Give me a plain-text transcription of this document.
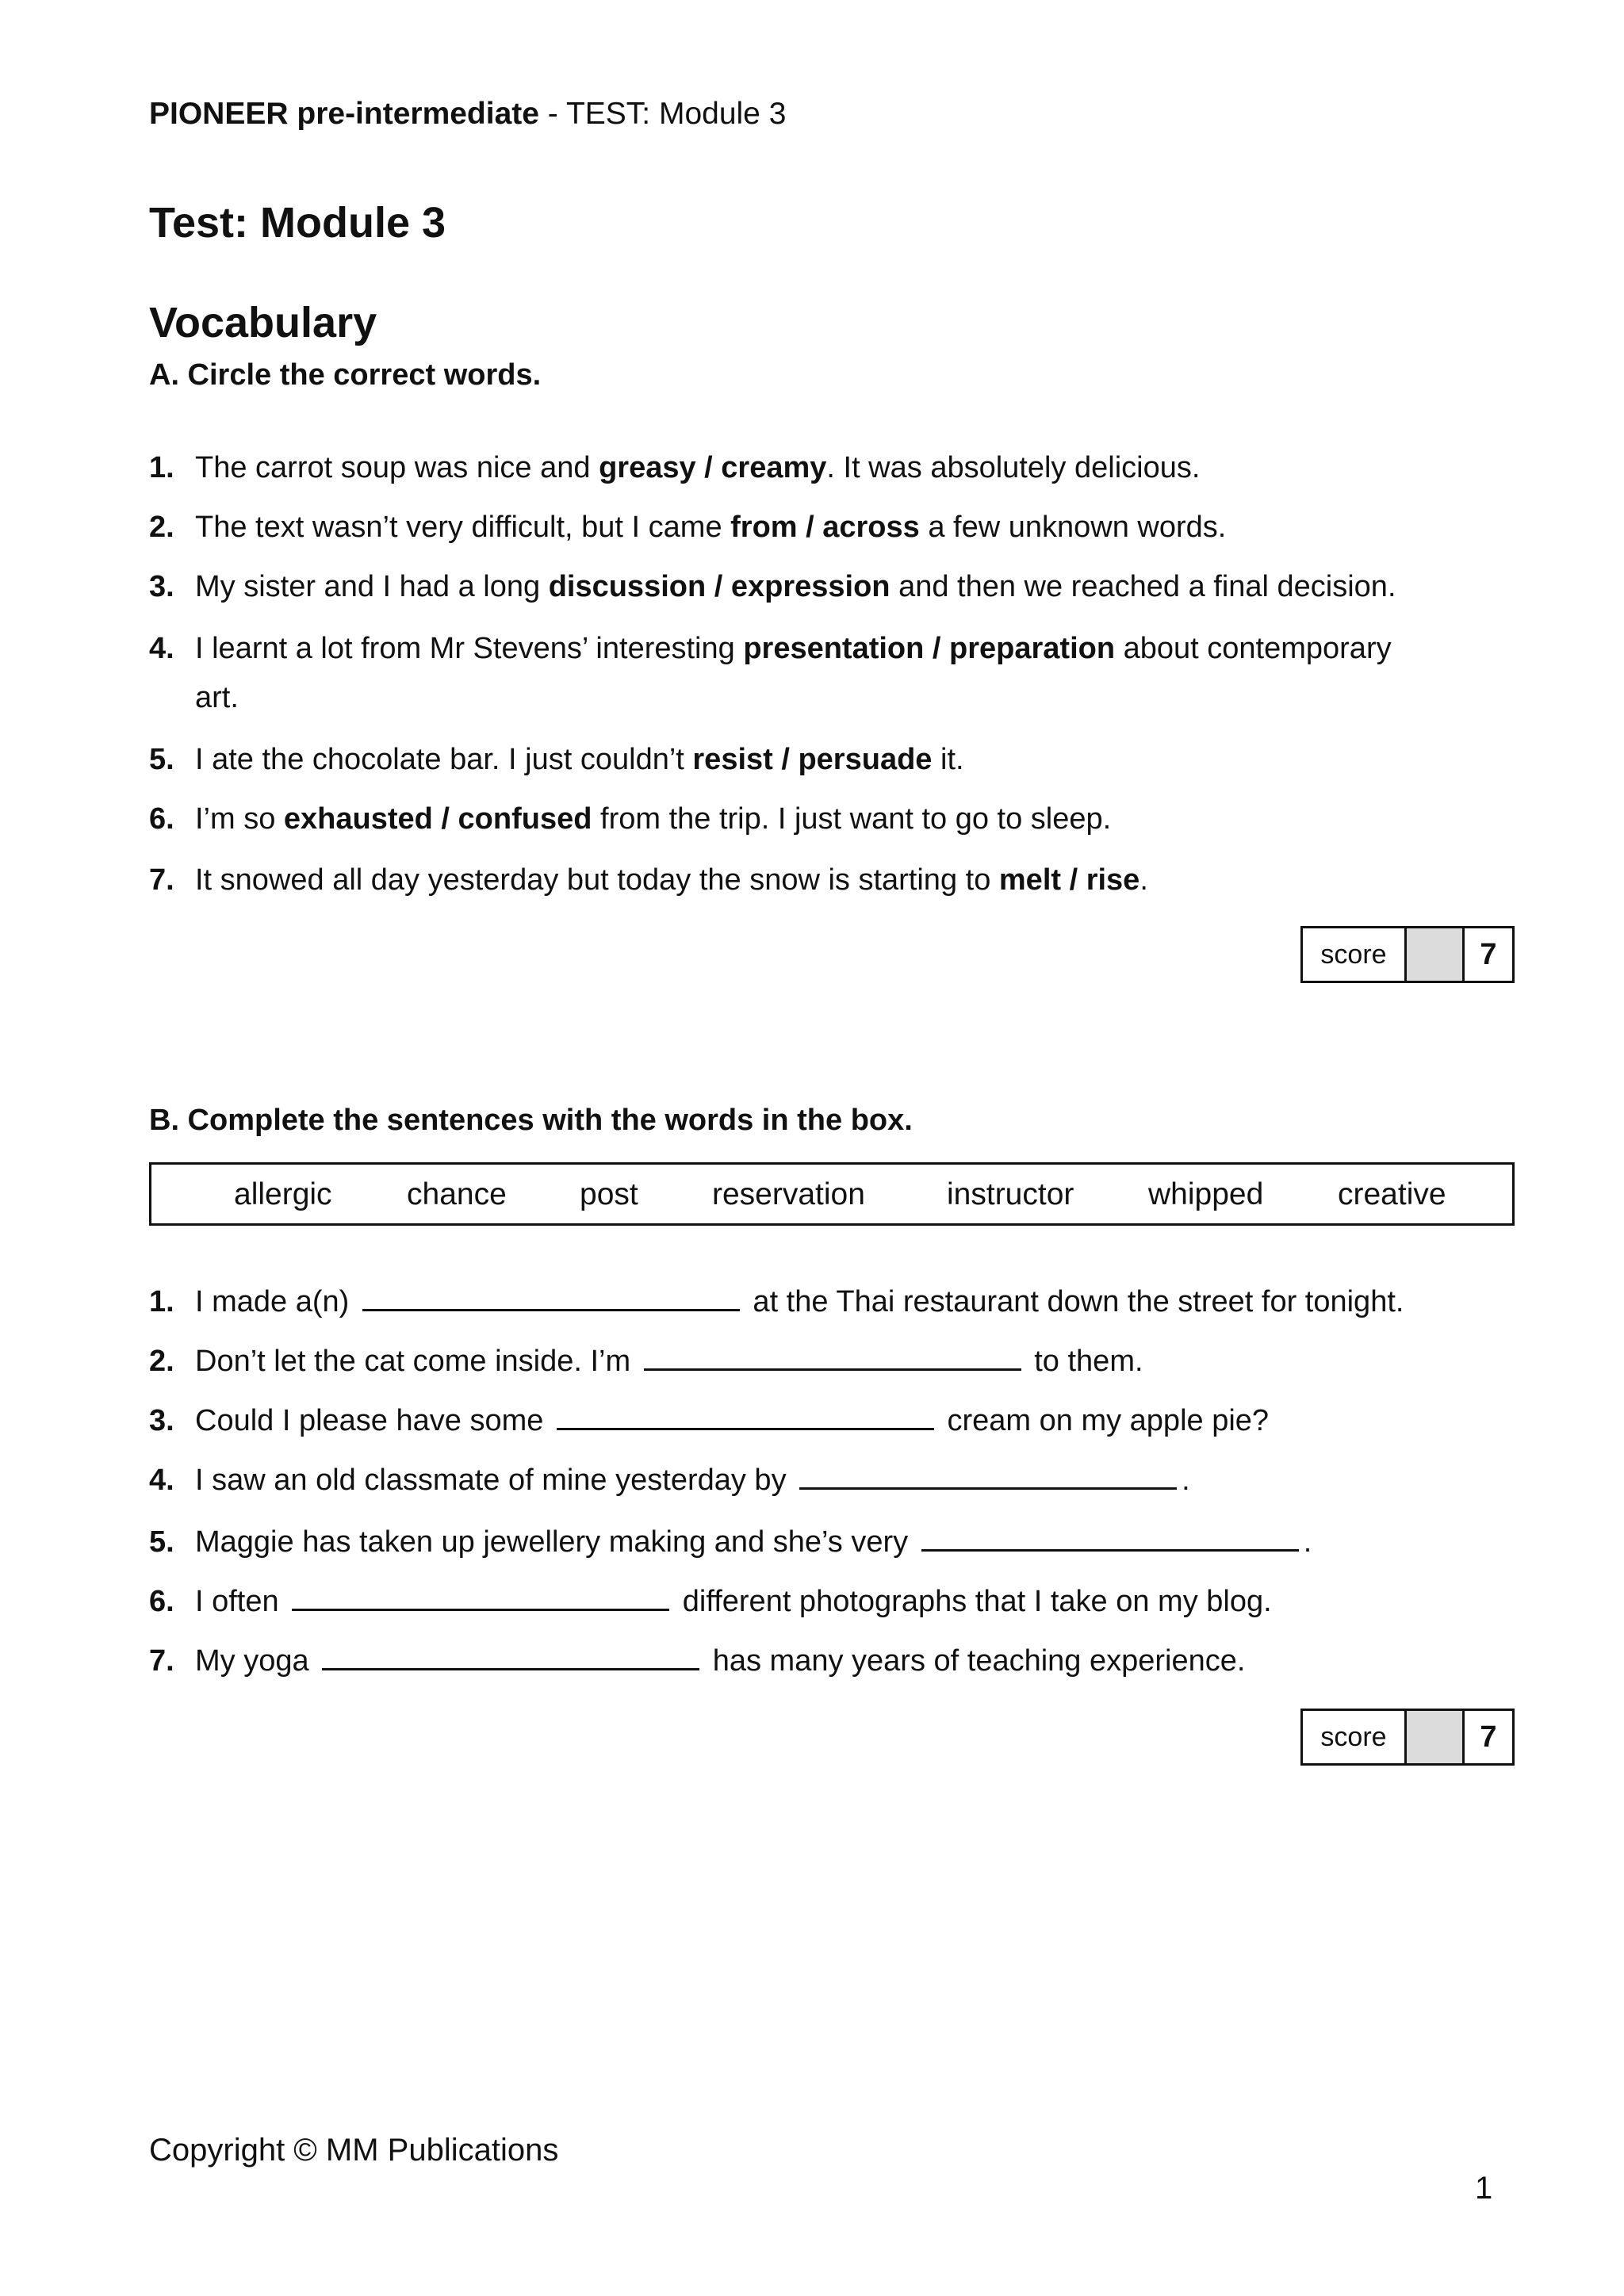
PIONEER pre-intermediate - TEST: Module 3
Test: Module 3
Vocabulary
A. Circle the correct words.
1. The carrot soup was nice and greasy / creamy. It was absolutely delicious.
2. The text wasn’t very difficult, but I came from / across a few unknown words.
3. My sister and I had a long discussion / expression and then we reached a final decision.
4. I learnt a lot from Mr Stevens’ interesting presentation / preparation about contemporary
art.
5. I ate the chocolate bar. I just couldn’t resist / persuade it.
6. I’m so exhausted / confused from the trip. I just want to go to sleep.
7. It snowed all day yesterday but today the snow is starting to melt / rise.
score	7
B. Complete the sentences with the words in the box.
allergic chance post reservation	instructor whipped creative
1. I made a(n)	at the Thai restaurant down the street for tonight.
2. Don’t let the cat come inside. I’m	to them.
3. Could I please have some	cream on my apple pie?
4. I saw an old classmate of mine yesterday by	.
5. Maggie has taken up jewellery making and she’s very	.
6. I often	different photographs that I take on my blog.
7. My yoga	has many years of teaching experience.
score	7
Copyright © MM Publications
1
